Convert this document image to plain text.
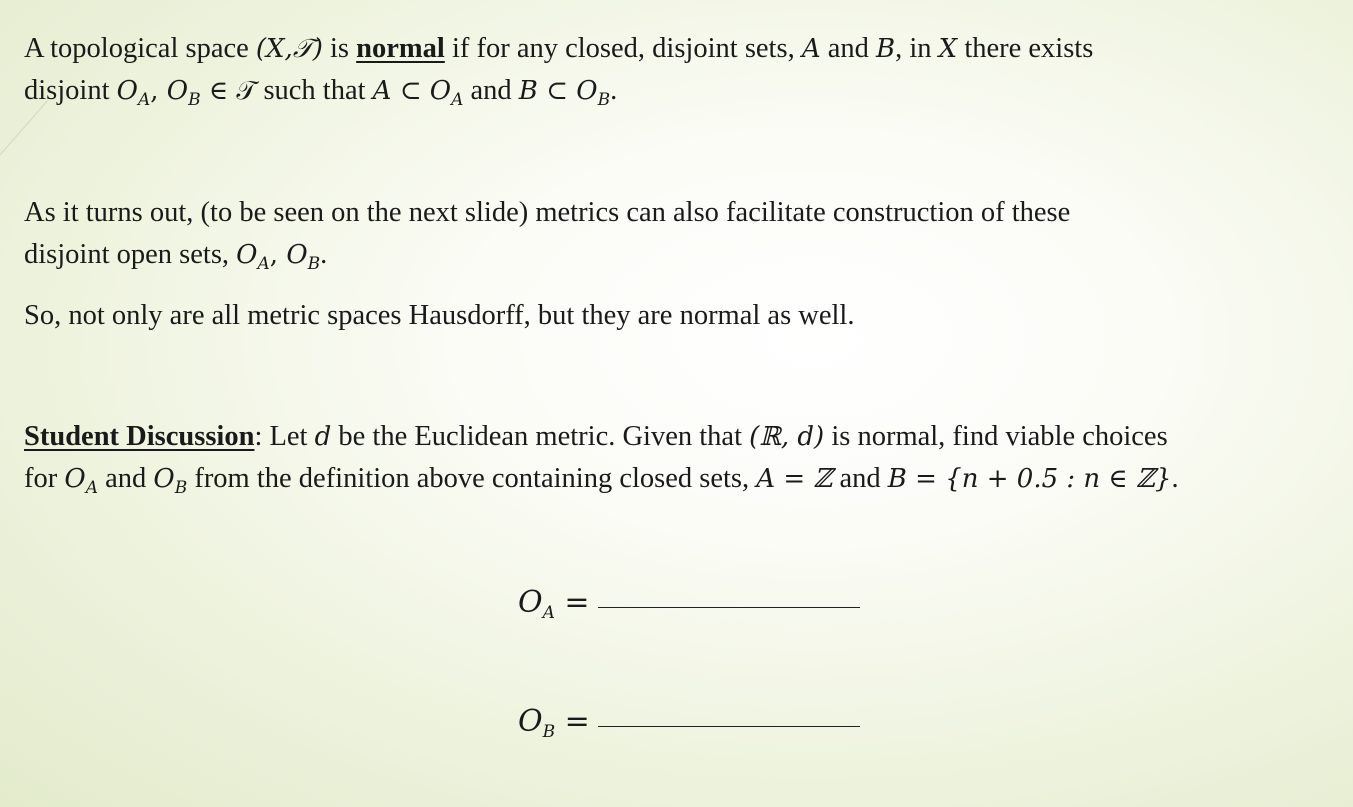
A topological space (X,𝒯) is normal if for any closed, disjoint sets, A and B, in X there exists
disjoint $O_A$, $O_B$ ∈ 𝒯 such that A ⊂ $O_A$ and B ⊂ $O_B$.

As it turns out, (to be seen on the next slide) metrics can also facilitate construction of these
disjoint open sets, $O_A$, $O_B$.

So, not only are all metric spaces Hausdorff, but they are normal as well.

Student Discussion: Let d be the Euclidean metric. Given that (ℝ, d) is normal, find viable choices
for $O_A$ and $O_B$ from the definition above containing closed sets, A = ℤ and B = {n + 0.5 : n ∈ ℤ}.

$O_A$ =
$O_B$ =
